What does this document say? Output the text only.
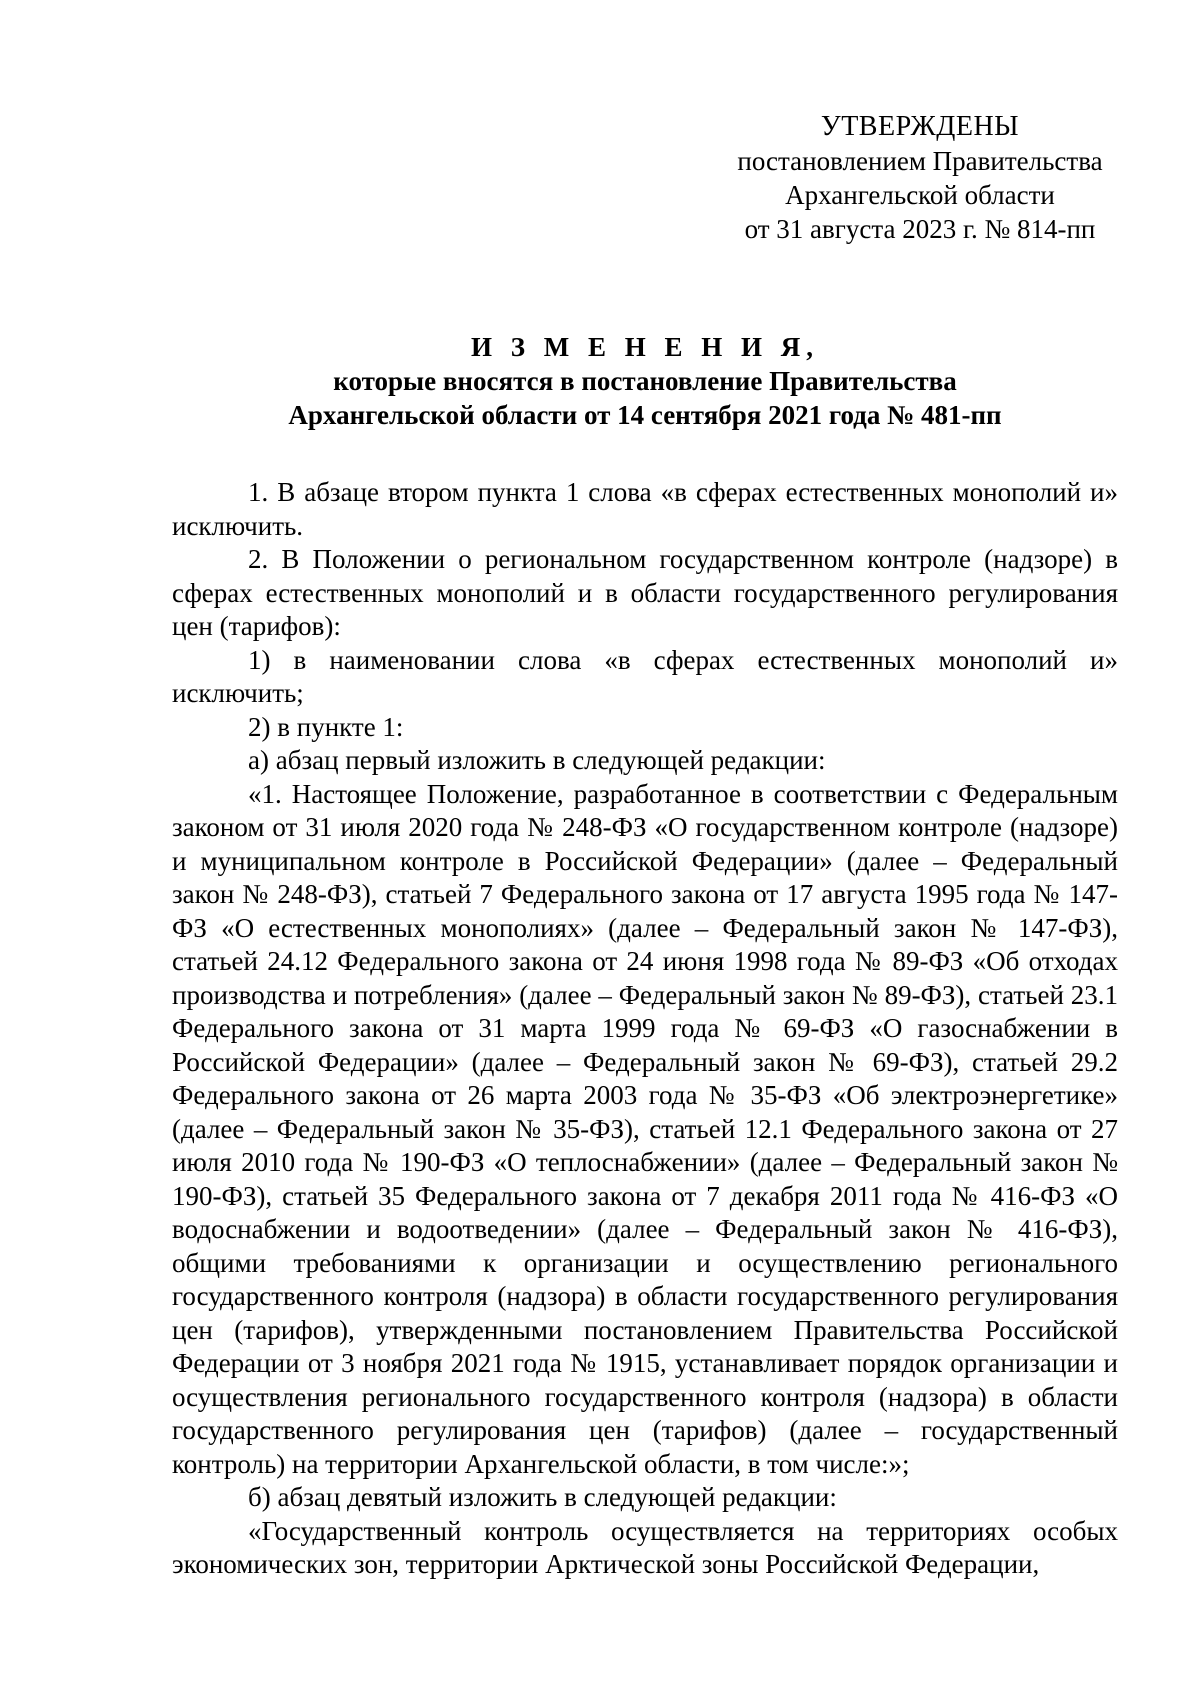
УТВЕРЖДЕНЫ
постановлением Правительства
Архангельской области
от 31 августа 2023 г. № 814-пп
И З М Е Н Е Н И Я,
которые вносятся в постановление Правительства
Архангельской области от 14 сентября 2021 года № 481-пп

1. В абзаце втором пункта 1 слова «в сферах естественных монополий и» исключить.

2. В Положении о региональном государственном контроле (надзоре) в сферах естественных монополий и в области государственного регулирования цен (тарифов):

1) в наименовании слова «в сферах естественных монополий и» исключить;

2) в пункте 1:

а) абзац первый изложить в следующей редакции:

«1. Настоящее Положение, разработанное в соответствии с Федеральным законом от 31 июля 2020 года № 248-ФЗ «О государственном контроле (надзоре) и муниципальном контроле в Российской Федерации» (далее – Федеральный закон № 248-ФЗ), статьей 7 Федерального закона от 17 августа 1995 года № 147-ФЗ «О естественных монополиях» (далее – Федеральный закон № 147-ФЗ), статьей 24.12 Федерального закона от 24 июня 1998 года № 89-ФЗ «Об отходах производства и потребления» (далее – Федеральный закон № 89-ФЗ), статьей 23.1 Федерального закона от 31 марта 1999 года № 69-ФЗ «О газоснабжении в Российской Федерации» (далее – Федеральный закон № 69-ФЗ), статьей 29.2 Федерального закона от 26 марта 2003 года № 35-ФЗ «Об электроэнергетике» (далее – Федеральный закон № 35-ФЗ), статьей 12.1 Федерального закона от 27 июля 2010 года № 190-ФЗ «О теплоснабжении» (далее – Федеральный закон № 190-ФЗ), статьей 35 Федерального закона от 7 декабря 2011 года № 416-ФЗ «О водоснабжении и водоотведении» (далее – Федеральный закон № 416-ФЗ), общими требованиями к организации и осуществлению регионального государственного контроля (надзора) в области государственного регулирования цен (тарифов), утвержденными постановлением Правительства Российской Федерации от 3 ноября 2021 года № 1915, устанавливает порядок организации и осуществления регионального государственного контроля (надзора) в области государственного регулирования цен (тарифов) (далее – государственный контроль) на территории Архангельской области, в том числе:»;

б) абзац девятый изложить в следующей редакции:

«Государственный контроль осуществляется на территориях особых экономических зон, территории Арктической зоны Российской Федерации,
